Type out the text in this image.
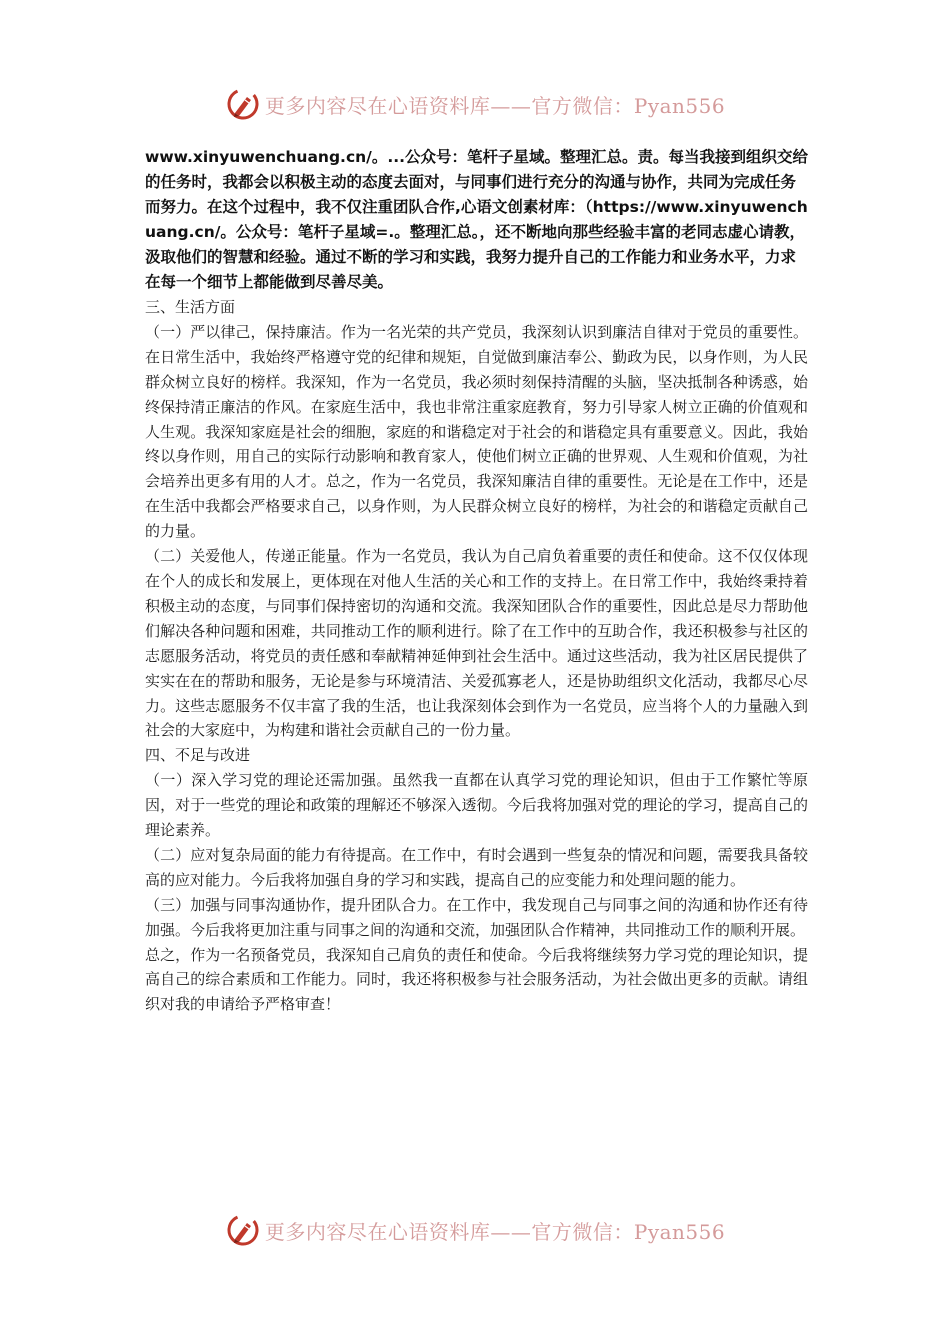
更多内容尽在心语资料库——官方微信：Pyan556

www.xinyuwenchuang.cn/。...公众号：笔杆子星域。整理汇总。责。每当我接到组织交给的任务时，我都会以积极主动的态度去面对，与同事们进行充分的沟通与协作，共同为完成任务而努力。在这个过程中，我不仅注重团队合作,心语文创素材库：（https://www.xinyuwenchuang.cn/。公众号：笔杆子星域=.。整理汇总。，还不断地向那些经验丰富的老同志虚心请教，汲取他们的智慧和经验。通过不断的学习和实践，我努力提升自己的工作能力和业务水平，力求在每一个细节上都能做到尽善尽美。

三、生活方面

（一）严以律己，保持廉洁。作为一名光荣的共产党员，我深刻认识到廉洁自律对于党员的重要性。在日常生活中，我始终严格遵守党的纪律和规矩，自觉做到廉洁奉公、勤政为民，以身作则，为人民群众树立良好的榜样。我深知，作为一名党员，我必须时刻保持清醒的头脑，坚决抵制各种诱惑，始终保持清正廉洁的作风。在家庭生活中，我也非常注重家庭教育，努力引导家人树立正确的价值观和人生观。我深知家庭是社会的细胞，家庭的和谐稳定对于社会的和谐稳定具有重要意义。因此，我始终以身作则，用自己的实际行动影响和教育家人，使他们树立正确的世界观、人生观和价值观，为社会培养出更多有用的人才。总之，作为一名党员，我深知廉洁自律的重要性。无论是在工作中，还是在生活中我都会严格要求自己，以身作则，为人民群众树立良好的榜样，为社会的和谐稳定贡献自己的力量。

（二）关爱他人，传递正能量。作为一名党员，我认为自己肩负着重要的责任和使命。这不仅仅体现在个人的成长和发展上，更体现在对他人生活的关心和工作的支持上。在日常工作中，我始终秉持着积极主动的态度，与同事们保持密切的沟通和交流。我深知团队合作的重要性，因此总是尽力帮助他们解决各种问题和困难，共同推动工作的顺利进行。除了在工作中的互助合作，我还积极参与社区的志愿服务活动，将党员的责任感和奉献精神延伸到社会生活中。通过这些活动，我为社区居民提供了实实在在的帮助和服务，无论是参与环境清洁、关爱孤寡老人，还是协助组织文化活动，我都尽心尽力。这些志愿服务不仅丰富了我的生活，也让我深刻体会到作为一名党员，应当将个人的力量融入到社会的大家庭中，为构建和谐社会贡献自己的一份力量。

四、不足与改进

（一）深入学习党的理论还需加强。虽然我一直都在认真学习党的理论知识，但由于工作繁忙等原因，对于一些党的理论和政策的理解还不够深入透彻。今后我将加强对党的理论的学习，提高自己的理论素养。

（二）应对复杂局面的能力有待提高。在工作中，有时会遇到一些复杂的情况和问题，需要我具备较高的应对能力。今后我将加强自身的学习和实践，提高自己的应变能力和处理问题的能力。

（三）加强与同事沟通协作，提升团队合力。在工作中，我发现自己与同事之间的沟通和协作还有待加强。今后我将更加注重与同事之间的沟通和交流，加强团队合作精神，共同推动工作的顺利开展。

总之，作为一名预备党员，我深知自己肩负的责任和使命。今后我将继续努力学习党的理论知识，提高自己的综合素质和工作能力。同时，我还将积极参与社会服务活动，为社会做出更多的贡献。请组织对我的申请给予严格审查！

更多内容尽在心语资料库——官方微信：Pyan556
